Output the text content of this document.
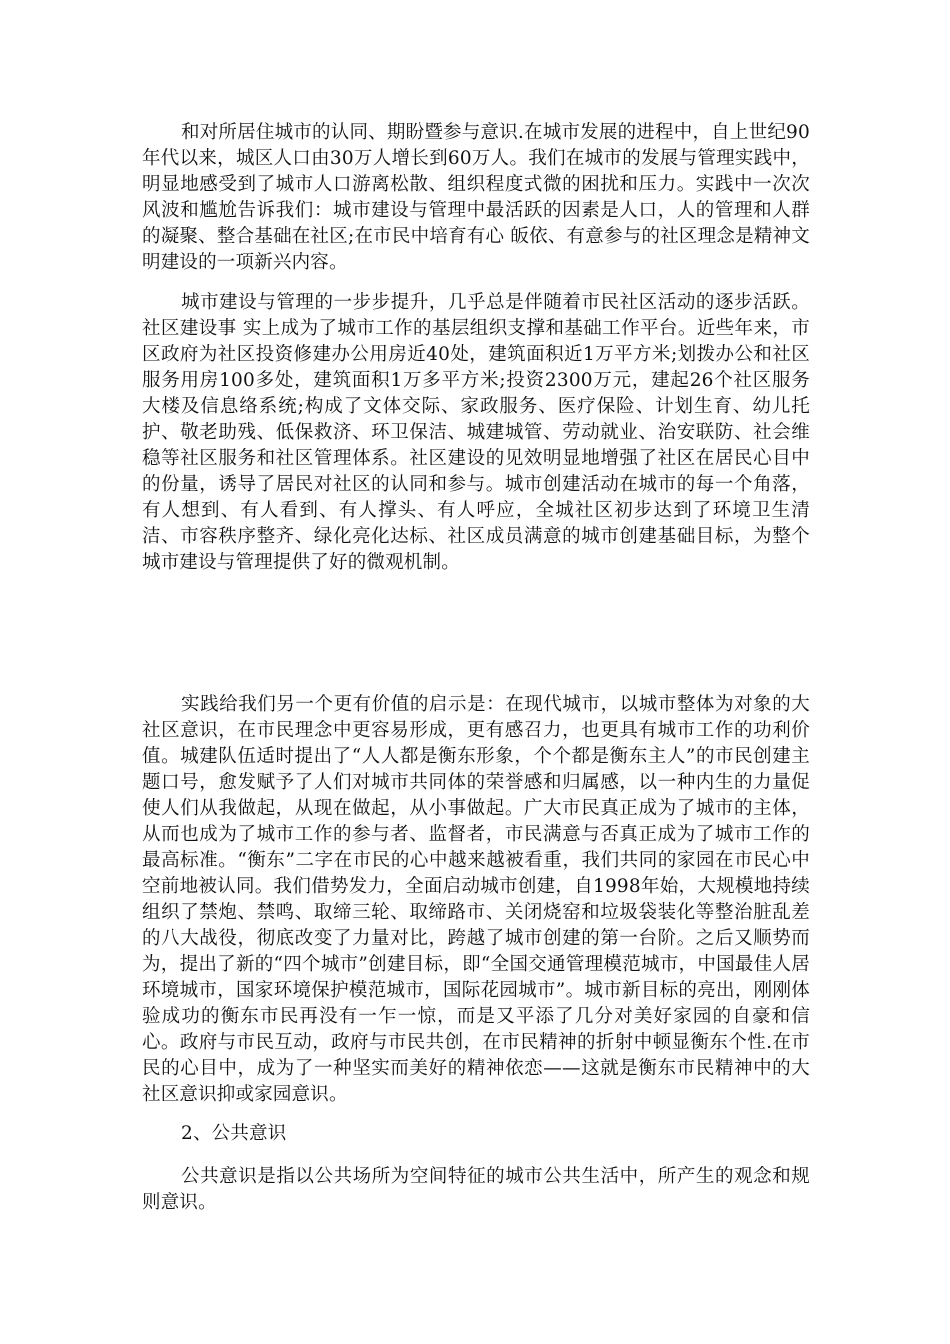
和对所居住城市的认同、期盼暨参与意识.在城市发展的进程中，自上世纪90年代以来，城区人口由30万人增长到60万人。我们在城市的发展与管理实践中，明显地感受到了城市人口游离松散、组织程度式微的困扰和压力。实践中一次次风波和尴尬告诉我们：城市建设与管理中最活跃的因素是人口，人的管理和人群的凝聚、整合基础在社区;在市民中培育有心 皈依、有意参与的社区理念是精神文明建设的一项新兴内容。

城市建设与管理的一步步提升，几乎总是伴随着市民社区活动的逐步活跃。社区建设事 实上成为了城市工作的基层组织支撑和基础工作平台。近些年来，市区政府为社区投资修建办公用房近40处，建筑面积近1万平方米;划拨办公和社区服务用房100多处，建筑面积1万多平方米;投资2300万元，建起26个社区服务大楼及信息络系统;构成了文体交际、家政服务、医疗保险、计划生育、幼儿托护、敬老助残、低保救济、环卫保洁、城建城管、劳动就业、治安联防、社会维稳等社区服务和社区管理体系。社区建设的见效明显地增强了社区在居民心目中的份量，诱导了居民对社区的认同和参与。城市创建活动在城市的每一个角落，有人想到、有人看到、有人撑头、有人呼应，全城社区初步达到了环境卫生清洁、市容秩序整齐、绿化亮化达标、社区成员满意的城市创建基础目标，为整个城市建设与管理提供了好的微观机制。

实践给我们另一个更有价值的启示是：在现代城市，以城市整体为对象的大社区意识，在市民理念中更容易形成，更有感召力，也更具有城市工作的功利价值。城建队伍适时提出了“人人都是衡东形象，个个都是衡东主人”的市民创建主题口号，愈发赋予了人们对城市共同体的荣誉感和归属感，以一种内生的力量促使人们从我做起，从现在做起，从小事做起。广大市民真正成为了城市的主体，从而也成为了城市工作的参与者、监督者，市民满意与否真正成为了城市工作的最高标准。“衡东”二字在市民的心中越来越被看重，我们共同的家园在市民心中空前地被认同。我们借势发力，全面启动城市创建，自1998年始，大规模地持续组织了禁炮、禁鸣、取缔三轮、取缔路市、关闭烧窑和垃圾袋装化等整治脏乱差的八大战役，彻底改变了力量对比，跨越了城市创建的第一台阶。之后又顺势而为，提出了新的“四个城市”创建目标，即“全国交通管理模范城市，中国最佳人居环境城市，国家环境保护模范城市，国际花园城市”。城市新目标的亮出，刚刚体验成功的衡东市民再没有一乍一惊，而是又平添了几分对美好家园的自豪和信心。政府与市民互动，政府与市民共创，在市民精神的折射中顿显衡东个性.在市民的心目中，成为了一种坚实而美好的精神依恋——这就是衡东市民精神中的大社区意识抑或家园意识。

2、公共意识

公共意识是指以公共场所为空间特征的城市公共生活中，所产生的观念和规则意识。
